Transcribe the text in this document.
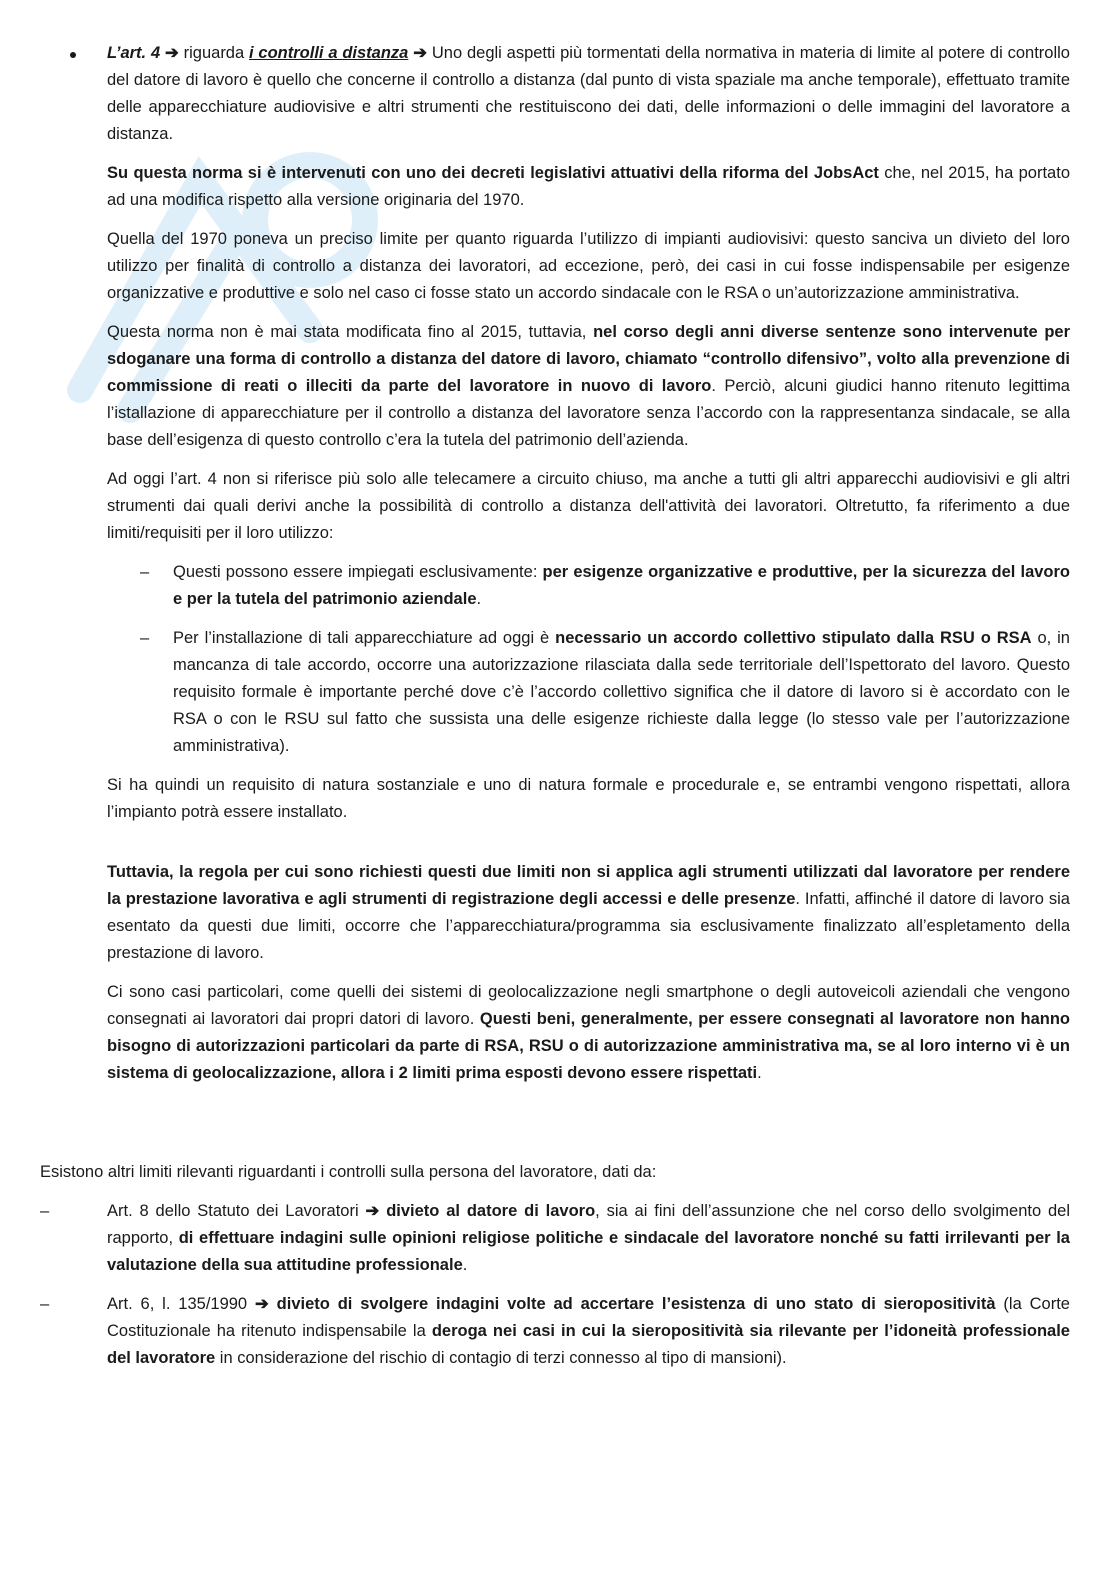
L’art. 4 ➔ riguarda i controlli a distanza ➔ Uno degli aspetti più tormentati della normativa in materia di limite al potere di controllo del datore di lavoro è quello che concerne il controllo a distanza (dal punto di vista spaziale ma anche temporale), effettuato tramite delle apparecchiature audiovisive e altri strumenti che restituiscono dei dati, delle informazioni o delle immagini del lavoratore a distanza.

Su questa norma si è intervenuti con uno dei decreti legislativi attuativi della riforma del JobsAct che, nel 2015, ha portato ad una modifica rispetto alla versione originaria del 1970.

Quella del 1970 poneva un preciso limite per quanto riguarda l’utilizzo di impianti audiovisivi: questo sanciva un divieto del loro utilizzo per finalità di controllo a distanza dei lavoratori, ad eccezione, però, dei casi in cui fosse indispensabile per esigenze organizzative e produttive e solo nel caso ci fosse stato un accordo sindacale con le RSA o un’autorizzazione amministrativa.

Questa norma non è mai stata modificata fino al 2015, tuttavia, nel corso degli anni diverse sentenze sono intervenute per sdoganare una forma di controllo a distanza del datore di lavoro, chiamato “controllo difensivo”, volto alla prevenzione di commissione di reati o illeciti da parte del lavoratore in nuovo di lavoro. Perciò, alcuni giudici hanno ritenuto legittima l’istallazione di apparecchiature per il controllo a distanza del lavoratore senza l’accordo con la rappresentanza sindacale, se alla base dell’esigenza di questo controllo c’era la tutela del patrimonio dell’azienda.

Ad oggi l’art. 4 non si riferisce più solo alle telecamere a circuito chiuso, ma anche a tutti gli altri apparecchi audiovisivi e gli altri strumenti dai quali derivi anche la possibilità di controllo a distanza dell'attività dei lavoratori. Oltretutto, fa riferimento a due limiti/requisiti per il loro utilizzo:

– Questi possono essere impiegati esclusivamente: per esigenze organizzative e produttive, per la sicurezza del lavoro e per la tutela del patrimonio aziendale.

– Per l’installazione di tali apparecchiature ad oggi è necessario un accordo collettivo stipulato dalla RSU o RSA o, in mancanza di tale accordo, occorre una autorizzazione rilasciata dalla sede territoriale dell’Ispettorato del lavoro. Questo requisito formale è importante perché dove c’è l’accordo collettivo significa che il datore di lavoro si è accordato con le RSA o con le RSU sul fatto che sussista una delle esigenze richieste dalla legge (lo stesso vale per l’autorizzazione amministrativa).

Si ha quindi un requisito di natura sostanziale e uno di natura formale e procedurale e, se entrambi vengono rispettati, allora l’impianto potrà essere installato.

Tuttavia, la regola per cui sono richiesti questi due limiti non si applica agli strumenti utilizzati dal lavoratore per rendere la prestazione lavorativa e agli strumenti di registrazione degli accessi e delle presenze. Infatti, affinché il datore di lavoro sia esentato da questi due limiti, occorre che l’apparecchiatura/programma sia esclusivamente finalizzato all’espletamento della prestazione di lavoro.

Ci sono casi particolari, come quelli dei sistemi di geolocalizzazione negli smartphone o degli autoveicoli aziendali che vengono consegnati ai lavoratori dai propri datori di lavoro. Questi beni, generalmente, per essere consegnati al lavoratore non hanno bisogno di autorizzazioni particolari da parte di RSA, RSU o di autorizzazione amministrativa ma, se al loro interno vi è un sistema di geolocalizzazione, allora i 2 limiti prima esposti devono essere rispettati.

Esistono altri limiti rilevanti riguardanti i controlli sulla persona del lavoratore, dati da:

–	Art. 8 dello Statuto dei Lavoratori ➔ divieto al datore di lavoro, sia ai fini dell’assunzione che nel corso dello svolgimento del rapporto, di effettuare indagini sulle opinioni religiose politiche e sindacale del lavoratore nonché su fatti irrilevanti per la valutazione della sua attitudine professionale.

–	Art. 6, l. 135/1990 ➔ divieto di svolgere indagini volte ad accertare l’esistenza di uno stato di sieropositività (la Corte Costituzionale ha ritenuto indispensabile la deroga nei casi in cui la sieropositività sia rilevante per l’idoneità professionale del lavoratore in considerazione del rischio di contagio di terzi connesso al tipo di mansioni).
